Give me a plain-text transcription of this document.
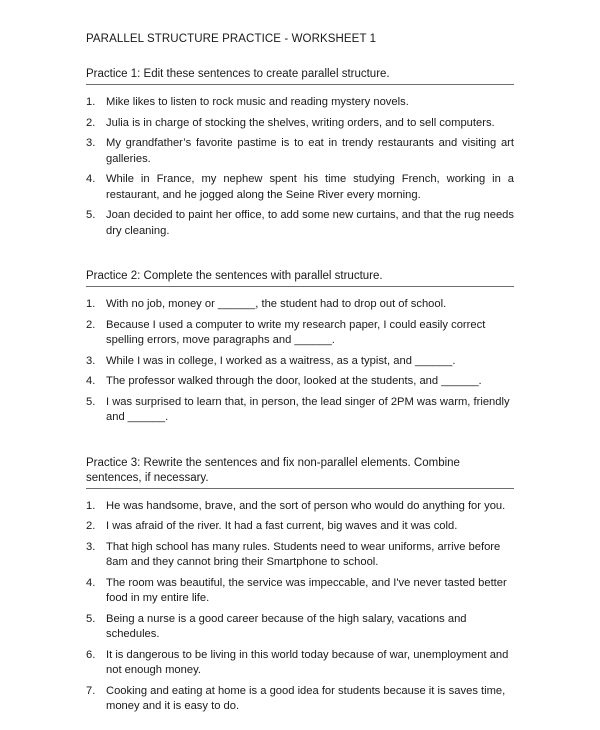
PARALLEL STRUCTURE PRACTICE - WORKSHEET 1
Practice 1: Edit these sentences to create parallel structure.
1. Mike likes to listen to rock music and reading mystery novels.
2. Julia is in charge of stocking the shelves, writing orders, and to sell computers.
3. My grandfather’s favorite pastime is to eat in trendy restaurants and visiting art galleries.
4. While in France, my nephew spent his time studying French, working in a restaurant, and he jogged along the Seine River every morning.
5. Joan decided to paint her office, to add some new curtains, and that the rug needs dry cleaning.
Practice 2: Complete the sentences with parallel structure.
1. With no job, money or ______, the student had to drop out of school.
2. Because I used a computer to write my research paper, I could easily correct spelling errors, move paragraphs and ______.
3. While I was in college, I worked as a waitress, as a typist, and ______.
4. The professor walked through the door, looked at the students, and ______.
5. I was surprised to learn that, in person, the lead singer of 2PM was warm, friendly and ______.
Practice 3: Rewrite the sentences and fix non-parallel elements. Combine sentences, if necessary.
1. He was handsome, brave, and the sort of person who would do anything for you.
2. I was afraid of the river. It had a fast current, big waves and it was cold.
3. That high school has many rules. Students need to wear uniforms, arrive before 8am and they cannot bring their Smartphone to school.
4. The room was beautiful, the service was impeccable, and I've never tasted better food in my entire life.
5. Being a nurse is a good career because of the high salary, vacations and schedules.
6. It is dangerous to be living in this world today because of war, unemployment and not enough money.
7. Cooking and eating at home is a good idea for students because it is saves time, money and it is easy to do.
